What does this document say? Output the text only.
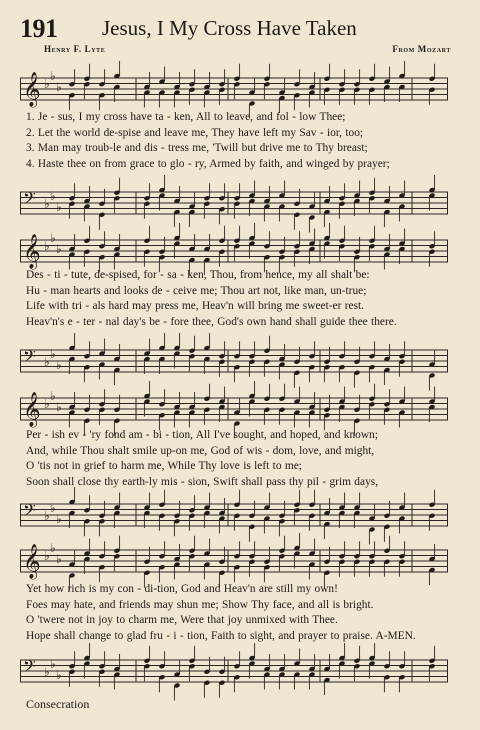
191 Jesus, I My Cross Have Taken
Henry F. Lyte	From Mozart
𝄞 ♭
♭
♭
1. Je - sus, I my cross have ta - ken, All to leave, and fol - low Thee;
2. Let the world de-spise and leave me, They have left my Sav - ior, too;
3. Man may troub-le and dis - tress me, 'Twill but drive me to Thy breast;
4. Haste thee on from grace to glo - ry, Armed by faith, and winged by prayer;
𝄢 ♭
♭
♭
𝄞 ♭
♭
♭
Des - ti - tute, de-spised, for - sa - ken, Thou, from hence, my all shalt be:
Hu - man hearts and looks de - ceive me; Thou art not, like man, un-true;
Life with tri - als hard may press me, Heav'n will bring me sweet-er rest.
Heav'n's e - ter - nal day's be - fore thee, God's own hand shall guide thee there.
𝄢 ♭
♭
♭
𝄞 ♭
♭
♭
Per - ish ev - 'ry fond am - bi - tion, All I've sought, and hoped, and known;
And, while Thou shalt smile up-on me, God of wis - dom, love, and might,
O 'tis not in grief to harm me, While Thy love is left to me;
Soon shall close thy earth-ly mis - sion, Swift shall pass thy pil - grim days,
𝄢 ♭
♭
♭
𝄞 ♭
♭
♭
Yet how rich is my con - di-tion, God and Heav'n are still my own!
Foes may hate, and friends may shun me; Show Thy face, and all is bright.
O 'twere not in joy to charm me, Were that joy unmixed with Thee.
Hope shall change to glad fru - i - tion, Faith to sight, and prayer to praise. A-MEN.
𝄢 ♭
♭
♭
Consecration
